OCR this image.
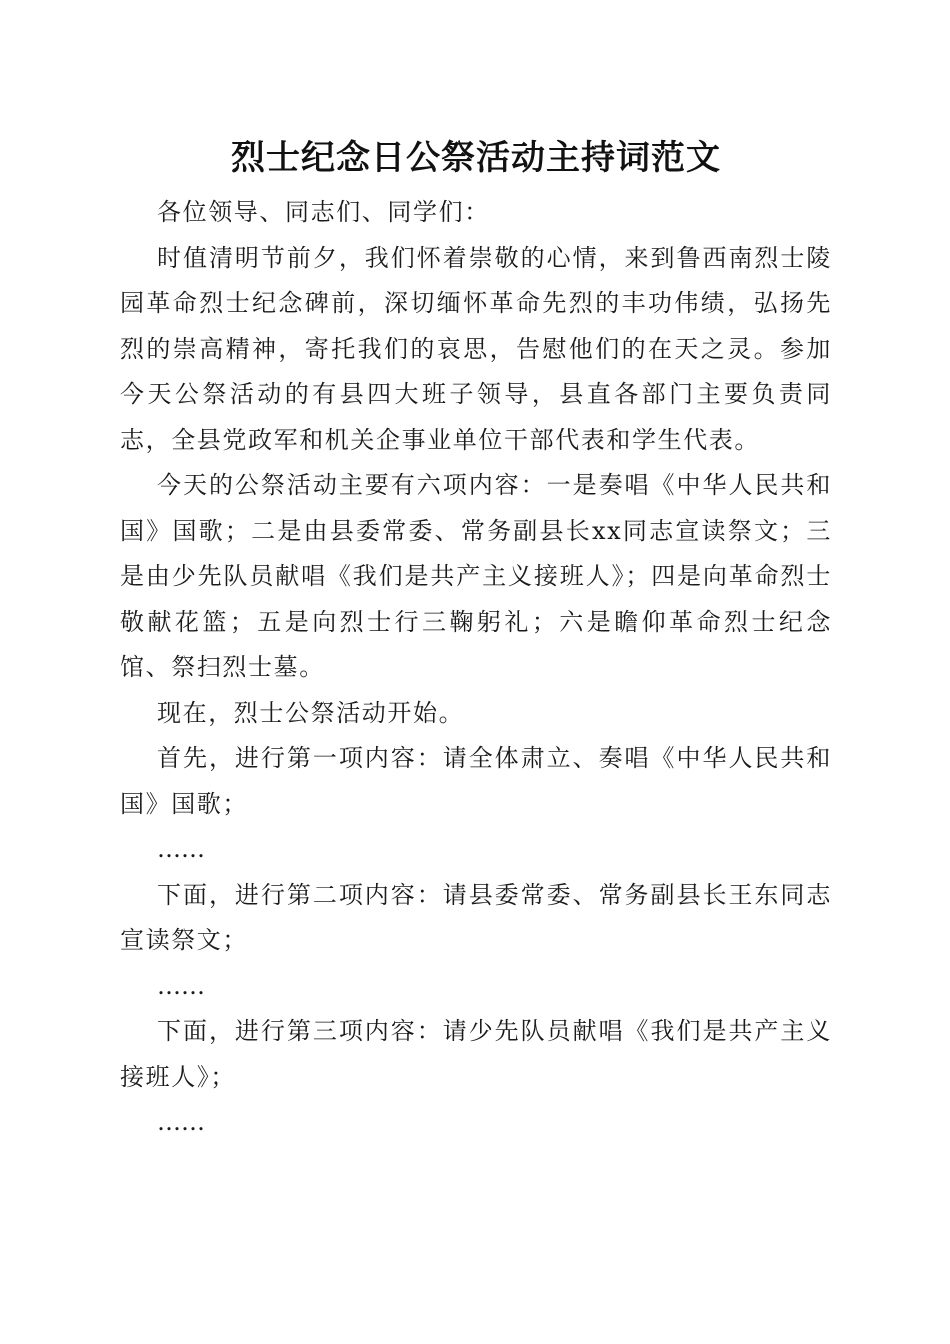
烈士纪念日公祭活动主持词范文

各位领导、同志们、同学们：

时值清明节前夕，我们怀着崇敬的心情，来到鲁西南烈士陵园革命烈士纪念碑前，深切缅怀革命先烈的丰功伟绩，弘扬先烈的崇高精神，寄托我们的哀思，告慰他们的在天之灵。参加今天公祭活动的有县四大班子领导，县直各部门主要负责同志，全县党政军和机关企事业单位干部代表和学生代表。

今天的公祭活动主要有六项内容：一是奏唱《中华人民共和国》国歌；二是由县委常委、常务副县长xx同志宣读祭文；三是由少先队员献唱《我们是共产主义接班人》；四是向革命烈士敬献花篮；五是向烈士行三鞠躬礼；六是瞻仰革命烈士纪念馆、祭扫烈士墓。

现在，烈士公祭活动开始。

首先，进行第一项内容：请全体肃立、奏唱《中华人民共和国》国歌；

……

下面，进行第二项内容：请县委常委、常务副县长王东同志宣读祭文；

……

下面，进行第三项内容：请少先队员献唱《我们是共产主义接班人》；

……
